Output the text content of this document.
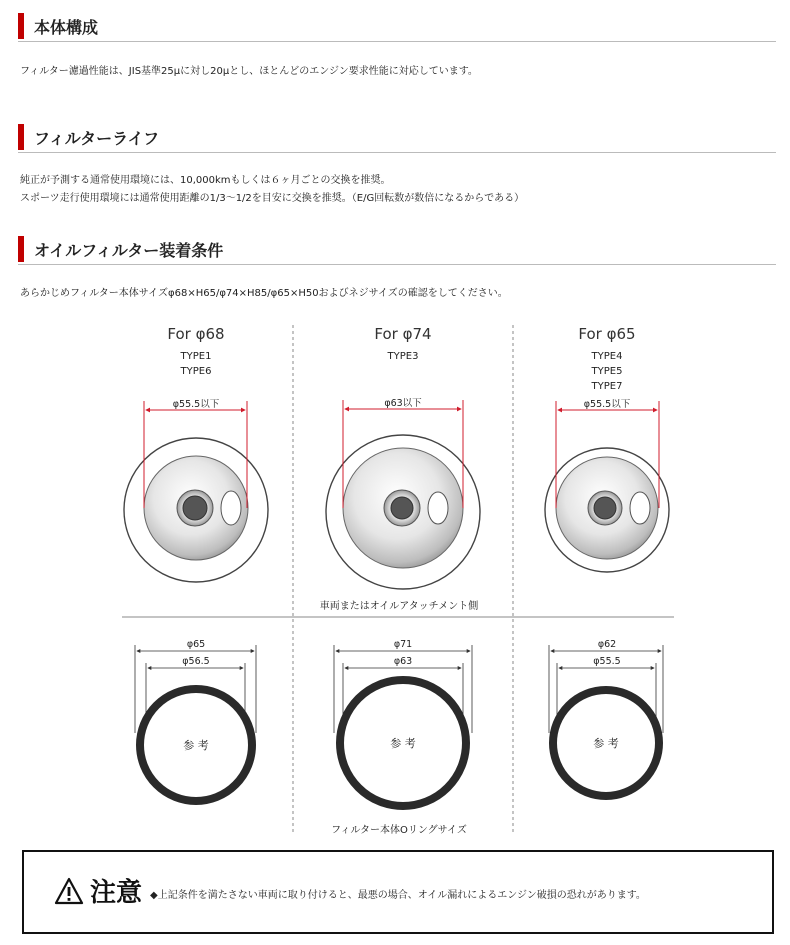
本体構成
フィルター濾過性能は、JIS基準25μに対し20μとし、ほとんどのエンジン要求性能に対応しています。
フィルターライフ
純正が予測する通常使用環境には、10,000kmもしくは６ヶ月ごとの交換を推奨。
スポーツ走行使用環境には通常使用距離の1/3～1/2を目安に交換を推奨。（E/G回転数が数倍になるからである）
オイルフィルター装着条件
あらかじめフィルター本体サイズφ68×H65/φ74×H85/φ65×H50およびネジサイズの確認をしてください。
For φ68
TYPE1
TYPE6
φ55.5以下
φ65
φ56.5
参 考
For φ74
TYPE3
φ63以下
φ71
φ63
参 考
For φ65
TYPE4
TYPE5
TYPE7
φ55.5以下
φ62
φ55.5
参 考
車両またはオイルアタッチメント側
フィルター本体Oリングサイズ
注意 ◆上記条件を満たさない車両に取り付けると、最悪の場合、オイル漏れによるエンジン破損の恐れがあります。
